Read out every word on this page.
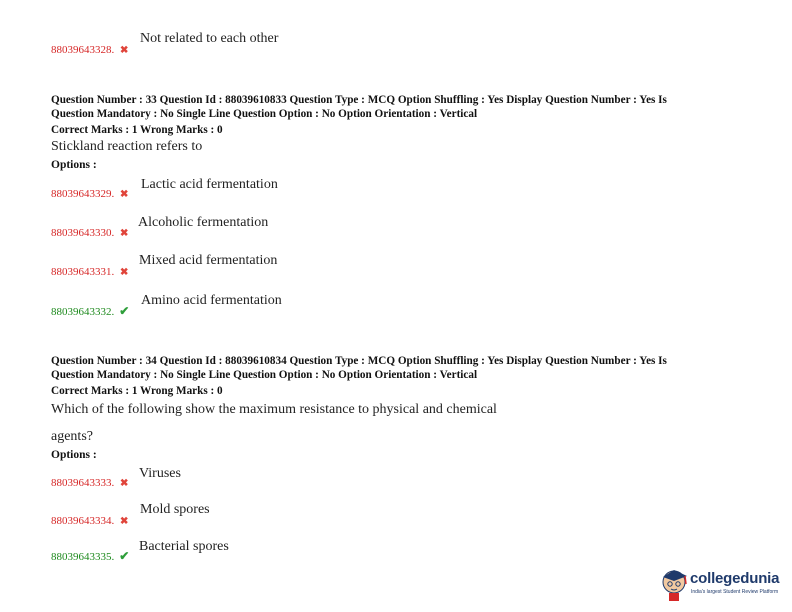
88039643328. ✖
Not related to each other
Question Number : 33 Question Id : 88039610833 Question Type : MCQ Option Shuffling : Yes Display Question Number : Yes Is
Question Mandatory : No Single Line Question Option : No Option Orientation : Vertical
Correct Marks : 1 Wrong Marks : 0
Stickland reaction refers to
Options :
88039643329. ✖
Lactic acid fermentation
88039643330. ✖
Alcoholic fermentation
88039643331. ✖
Mixed acid fermentation
88039643332. ✔
Amino acid fermentation
Question Number : 34 Question Id : 88039610834 Question Type : MCQ Option Shuffling : Yes Display Question Number : Yes Is
Question Mandatory : No Single Line Question Option : No Option Orientation : Vertical
Correct Marks : 1 Wrong Marks : 0
Which of the following show the maximum resistance to physical and chemical
agents?
Options :
88039643333. ✖
Viruses
88039643334. ✖
Mold spores
88039643335. ✔
Bacterial spores
collegedunia
India's largest Student Review Platform
